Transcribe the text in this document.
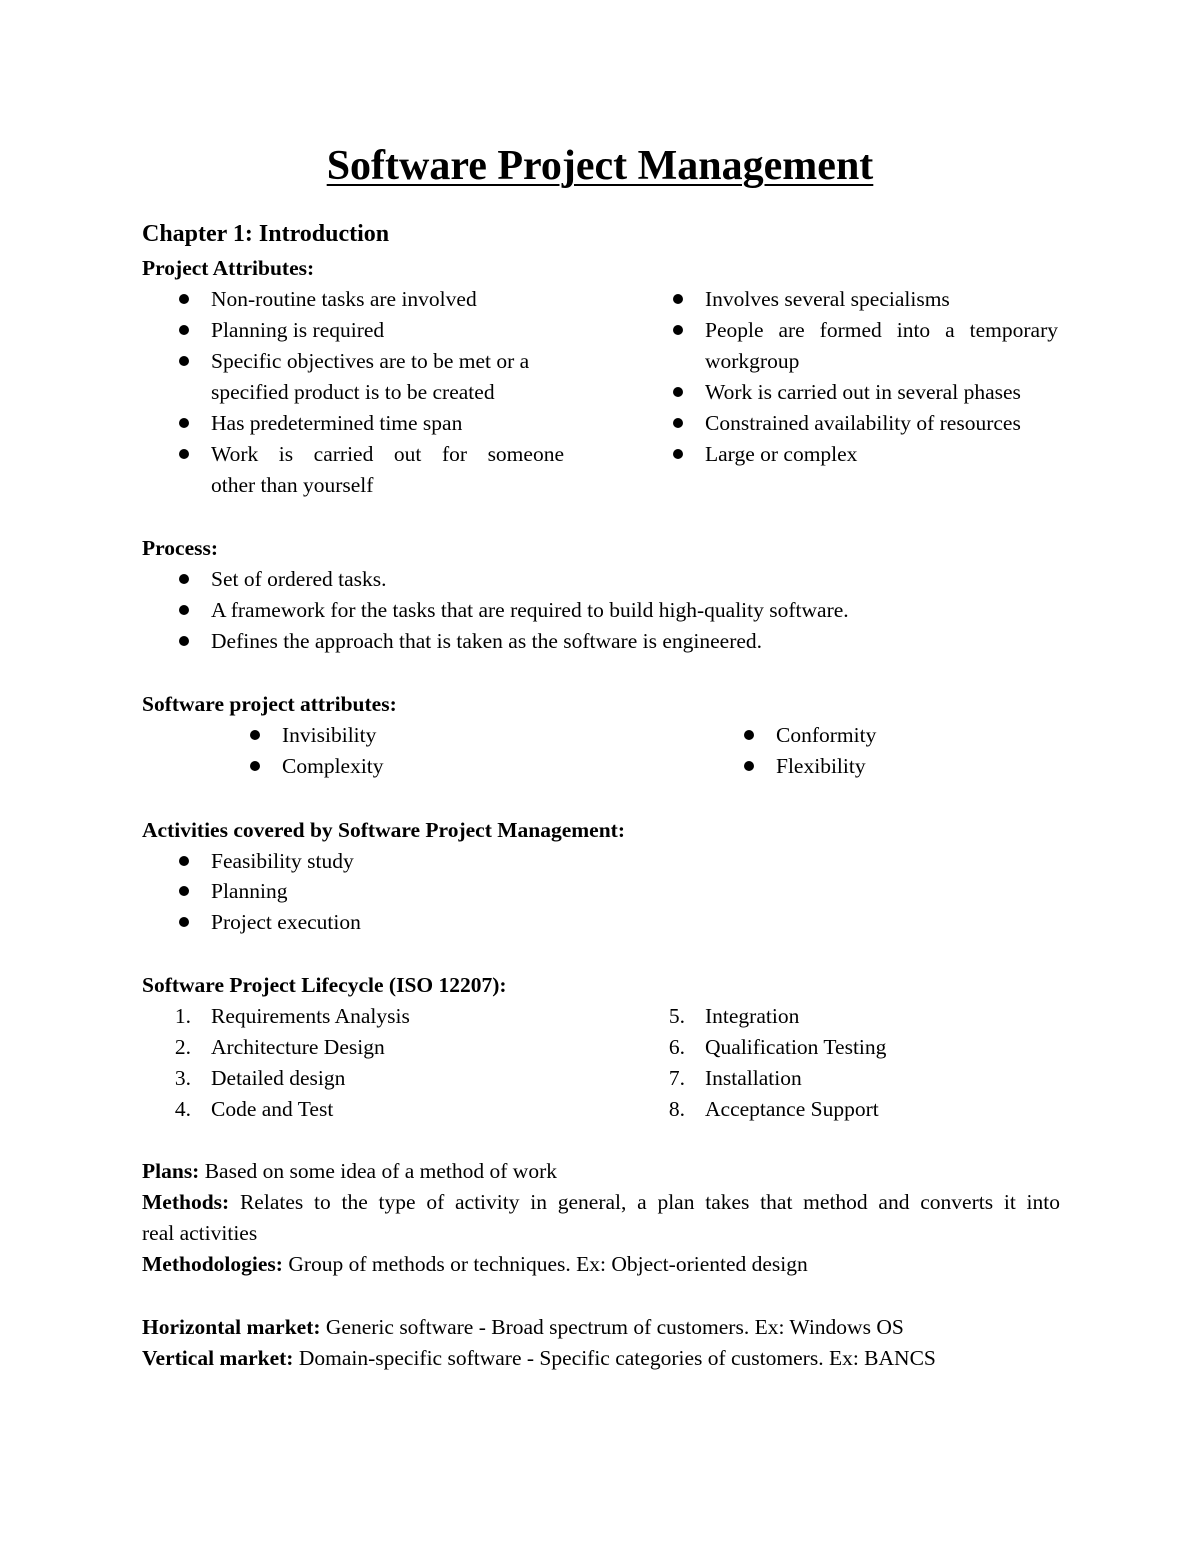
Software Project Management
Chapter 1: Introduction
Project Attributes:
Non-routine tasks are involved
Planning is required
Specific objectives are to be met or a
specified product is to be created
Has predetermined time span
Work is carried out for someone
other than yourself
Involves several specialisms
People are formed into a temporary
workgroup
Work is carried out in several phases
Constrained availability of resources
Large or complex
Process:
Set of ordered tasks.
A framework for the tasks that are required to build high-quality software.
Defines the approach that is taken as the software is engineered.
Software project attributes:
Invisibility
Complexity
Conformity
Flexibility
Activities covered by Software Project Management:
Feasibility study
Planning
Project execution
Software Project Lifecycle (ISO 12207):
1. Requirements Analysis
2. Architecture Design
3. Detailed design
4. Code and Test
5. Integration
6. Qualification Testing
7. Installation
8. Acceptance Support
Plans: Based on some idea of a method of work
Methods: Relates to the type of activity in general, a plan takes that method and converts it into
real activities
Methodologies: Group of methods or techniques. Ex: Object-oriented design
Horizontal market: Generic software - Broad spectrum of customers. Ex: Windows OS
Vertical market: Domain-specific software - Specific categories of customers. Ex: BANCS
